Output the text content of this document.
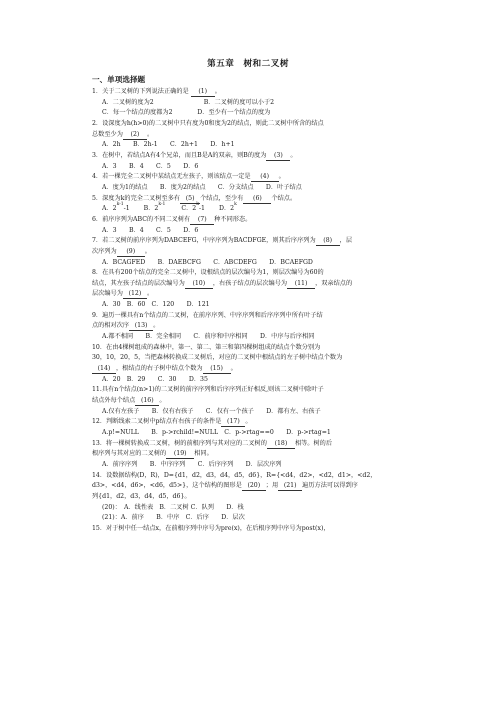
第五章　树和二叉树
一、单项选择题
1．关于二叉树的下列说法正确的是 (1) 。
A．二叉树的度为2	B．二叉树的度可以小于2
C．每一个结点的度都为2　　　　D．至少有一个结点的度为
2．设深度为h(h>0)的二叉树中只有度为0和度为2的结点，则此二叉树中所含的结点
总数至少为 (2) 。
A．2h　　B．2h-1　　C．2h+1　　D．h+1
3．在树中，若结点A有4个兄弟，而且B是A的双亲，则B的度为 (3) 。
A．3　　B．4　　C．5　　D．6
4．若一棵完全二叉树中某结点无左孩子，则该结点一定是 (4) 。
A．度为1的结点　　B．度为2的结点　　C．分支结点　　D．叶子结点
5．深度为k的完全二叉树至多有 (5) 个结点，至少有 (6) 个结点。
A．2$^{k-1}$-1 B．2$^{k-1}$C．2$^k$-1 D．2$^k$
6．前序序列为ABC的不同二叉树有 (7) 种不同形态。
A．3　　B．4　　C．5　　D．6
7．若二叉树的前序序列为DABCEFG，中序序列为BACDFGE，则其后序序列为 (8) ，层
次序列为 (9) 。
A．BCAGFED　　B．DAEBCFG　　C．ABCDEFG　　D．BCAEFGD
8．在具有200个结点的完全二叉树中，设根结点的层次编号为1，则层次编号为60的
结点，其左孩子结点的层次编号为 (10) ，右孩子结点的层次编号为 (11) ，双亲结点的
层次编号为 (12) 。
A．30　B．60　C．120　　D．121
9．遍历一棵具有n个结点的二叉树，在前序序列、中序序列和后序序列中所有叶子结
点的相对次序 (13) 。
A.都不相同　　B．完全相同　　C．前序和中序相同　　D．中序与后序相同
10．在由4棵树组成的森林中，第一、第二、第三和第四棵树组成的结点个数分别为
30，10，20，5，当把森林转换成二叉树后，对应的二叉树中根结点的左子树中结点个数为
(14) ，根结点的右子树中结点个数为 (15) 。
A．20　B．29　　C．30　　D．35
11.具有n个结点(n>1)的二叉树的前序序列和后序序列正好相反,则该二叉树中除叶子
结点外每个结点 (16) 。
A.仅有左孩子　　B．仅有右孩子　　C．仅有一个孩子　　D．都有左、右孩子
12．判断线索二叉树中p结点有右孩子的条件是 (17) 。
A.p!=NULL　　B．p->rchild!=NULL　C．p->rtag==0　　D．p->rtag=1
13．将一棵树转换成二叉树，树的前根序列与其对应的二叉树的 (18) 相等。树的后
根序列与其对应的二叉树的 (19) 相同。
A．前序序列　　B．中序序列　　C．后序序列　　D．层次序列
14．设数据结构(D，R)，D={d1，d2，d3，d4，d5，d6}，R={<d4，d2>，<d2，d1>，<d2，
d3>，<d4，d6>，<d6，d5>}，这个结构的图形是 (20) ；用 (21) 遍历方法可以得到序
列{d1，d2，d3，d4，d5，d6}。
(20)：　A．线性表　B．二叉树 C．队列　　D．栈
(21)：A．前序　　B．中序　C．后序　　D．层次
15．对于树中任一结点x，在前根序列中序号为pre(x)，在后根序列中序号为post(x)，
